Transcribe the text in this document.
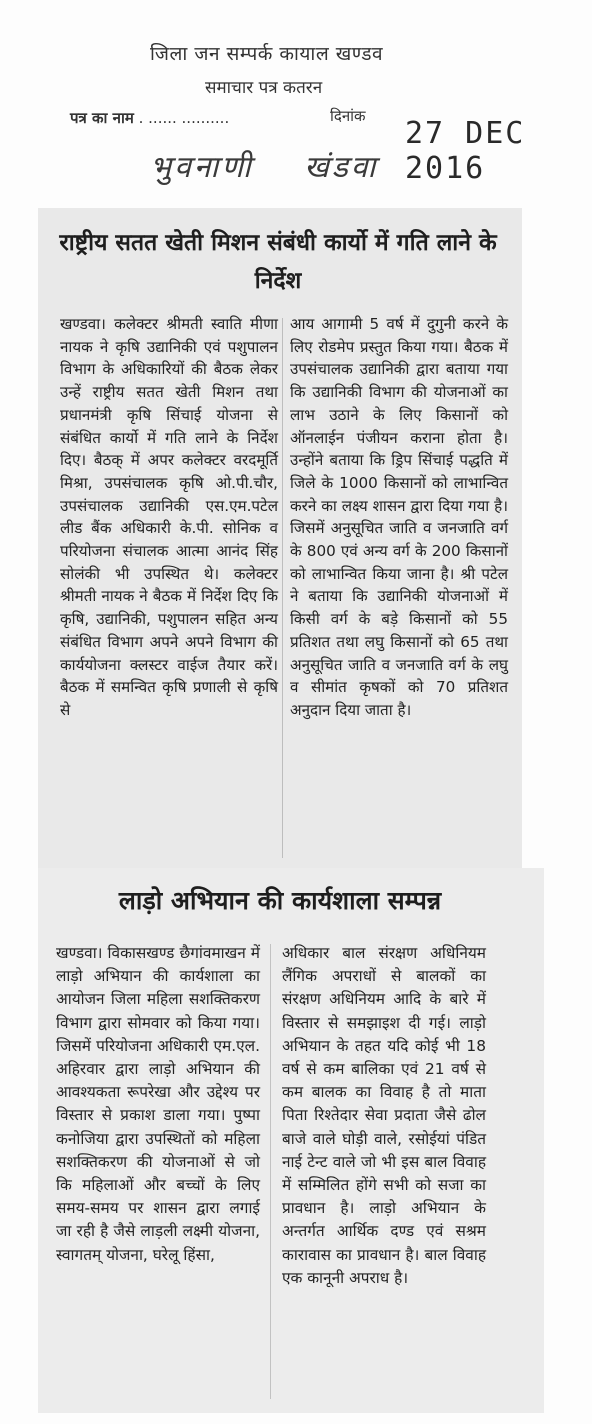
जिला जन सम्पर्क कायाल खण्डव
समाचार पत्र कतरन
पत्र का नाम . ...... ..........	दिनांक 27 DEC 2016
भुवनाणी खंडवा
राष्ट्रीय सतत खेती मिशन संबंधी कार्यो में गति लाने के निर्देश
खण्डवा। कलेक्टर श्रीमती स्वाति मीणा नायक ने कृषि उद्यानिकी एवं पशुपालन विभाग के अधिकारियों की बैठक लेकर उन्हें राष्ट्रीय सतत खेती मिशन तथा प्रधानमंत्री कृषि सिंचाई योजना से संबंधित कार्यो में गति लाने के निर्देश दिए। बैठक् में अपर कलेक्टर वरदमूर्ति मिश्रा, उपसंचालक कृषि ओ.पी.चौर, उपसंचालक उद्यानिकी एस.एम.पटेल लीड बैंक अधिकारी के.पी. सोनिक व परियोजना संचालक आत्मा आनंद सिंह सोलंकी भी उपस्थित थे। कलेक्टर श्रीमती नायक ने बैठक में निर्देश दिए कि कृषि, उद्यानिकी, पशुपालन सहित अन्य संबंधित विभाग अपने अपने विभाग की कार्ययोजना क्लस्टर वाईज तैयार करें। बैठक में समन्वित कृषि प्रणाली से कृषि से
आय आगामी 5 वर्ष में दुगुनी करने के लिए रोडमेप प्रस्तुत किया गया। बैठक में उपसंचालक उद्यानिकी द्वारा बताया गया कि उद्यानिकी विभाग की योजनाओं का लाभ उठाने के लिए किसानों को ऑनलाईन पंजीयन कराना होता है। उन्होंने बताया कि ड्रिप सिंचाई पद्धति में जिले के 1000 किसानों को लाभान्वित करने का लक्ष्य शासन द्वारा दिया गया है। जिसमें अनुसूचित जाति व जनजाति वर्ग के 800 एवं अन्य वर्ग के 200 किसानों को लाभान्वित किया जाना है। श्री पटेल ने बताया कि उद्यानिकी योजनाओं में किसी वर्ग के बड़े किसानों को 55 प्रतिशत तथा लघु किसानों को 65 तथा अनुसूचित जाति व जनजाति वर्ग के लघु व सीमांत कृषकों को 70 प्रतिशत अनुदान दिया जाता है।
लाड़ो अभियान की कार्यशाला सम्पन्न
खण्डवा। विकासखण्ड छैगांवमाखन में लाड़ो अभियान की कार्यशाला का आयोजन जिला महिला सशक्तिकरण विभाग द्वारा सोमवार को किया गया। जिसमें परियोजना अधिकारी एम.एल. अहिरवार द्वारा लाड़ो अभियान की आवश्यकता रूपरेखा और उद्देश्य पर विस्तार से प्रकाश डाला गया। पुष्पा कनोजिया द्वारा उपस्थितों को महिला सशक्तिकरण की योजनाओं से जो कि महिलाओं और बच्चों के लिए समय-समय पर शासन द्वारा लगाई जा रही है जैसे लाड़ली लक्ष्मी योजना, स्वागतम् योजना, घरेलू हिंसा,
अधिकार बाल संरक्षण अधिनियम लैंगिक अपराधों से बालकों का संरक्षण अधिनियम आदि के बारे में विस्तार से समझाइश दी गई। लाड़ो अभियान के तहत यदि कोई भी 18 वर्ष से कम बालिका एवं 21 वर्ष से कम बालक का विवाह है तो माता पिता रिश्तेदार सेवा प्रदाता जैसे ढोल बाजे वाले घोड़ी वाले, रसोईयां पंडित नाई टेन्ट वाले जो भी इस बाल विवाह में सम्मिलित होंगे सभी को सजा का प्रावधान है। लाड़ो अभियान के अन्तर्गत आर्थिक दण्ड एवं सश्रम कारावास का प्रावधान है। बाल विवाह एक कानूनी अपराध है।
